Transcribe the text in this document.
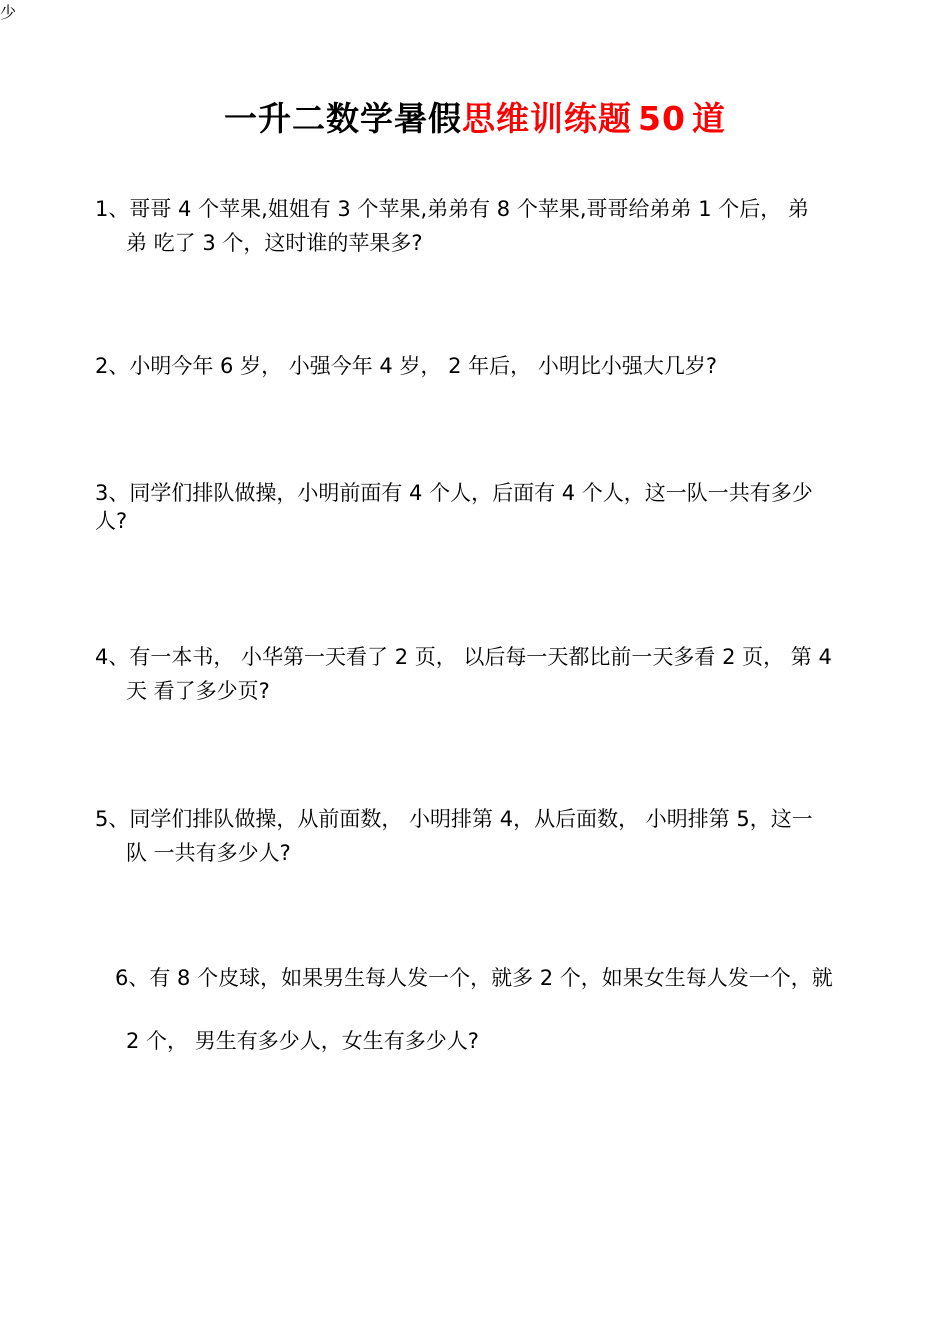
一升二数学暑假思维训练题 50 道
1、哥哥 4 个苹果,姐姐有 3 个苹果,弟弟有 8 个苹果,哥哥给弟弟 1 个后， 弟
弟 吃了 3 个，这时谁的苹果多?
2、小明今年 6 岁， 小强今年 4 岁， 2 年后， 小明比小强大几岁?
3、同学们排队做操，小明前面有 4 个人，后面有 4 个人，这一队一共有多少
人?
4、有一本书， 小华第一天看了 2 页， 以后每一天都比前一天多看 2 页， 第 4
天 看了多少页?
5、同学们排队做操，从前面数， 小明排第 4，从后面数， 小明排第 5，这一
队 一共有多少人?
6、有 8 个皮球，如果男生每人发一个，就多 2 个，如果女生每人发一个，就
2 个， 男生有多少人，女生有多少人?
少
